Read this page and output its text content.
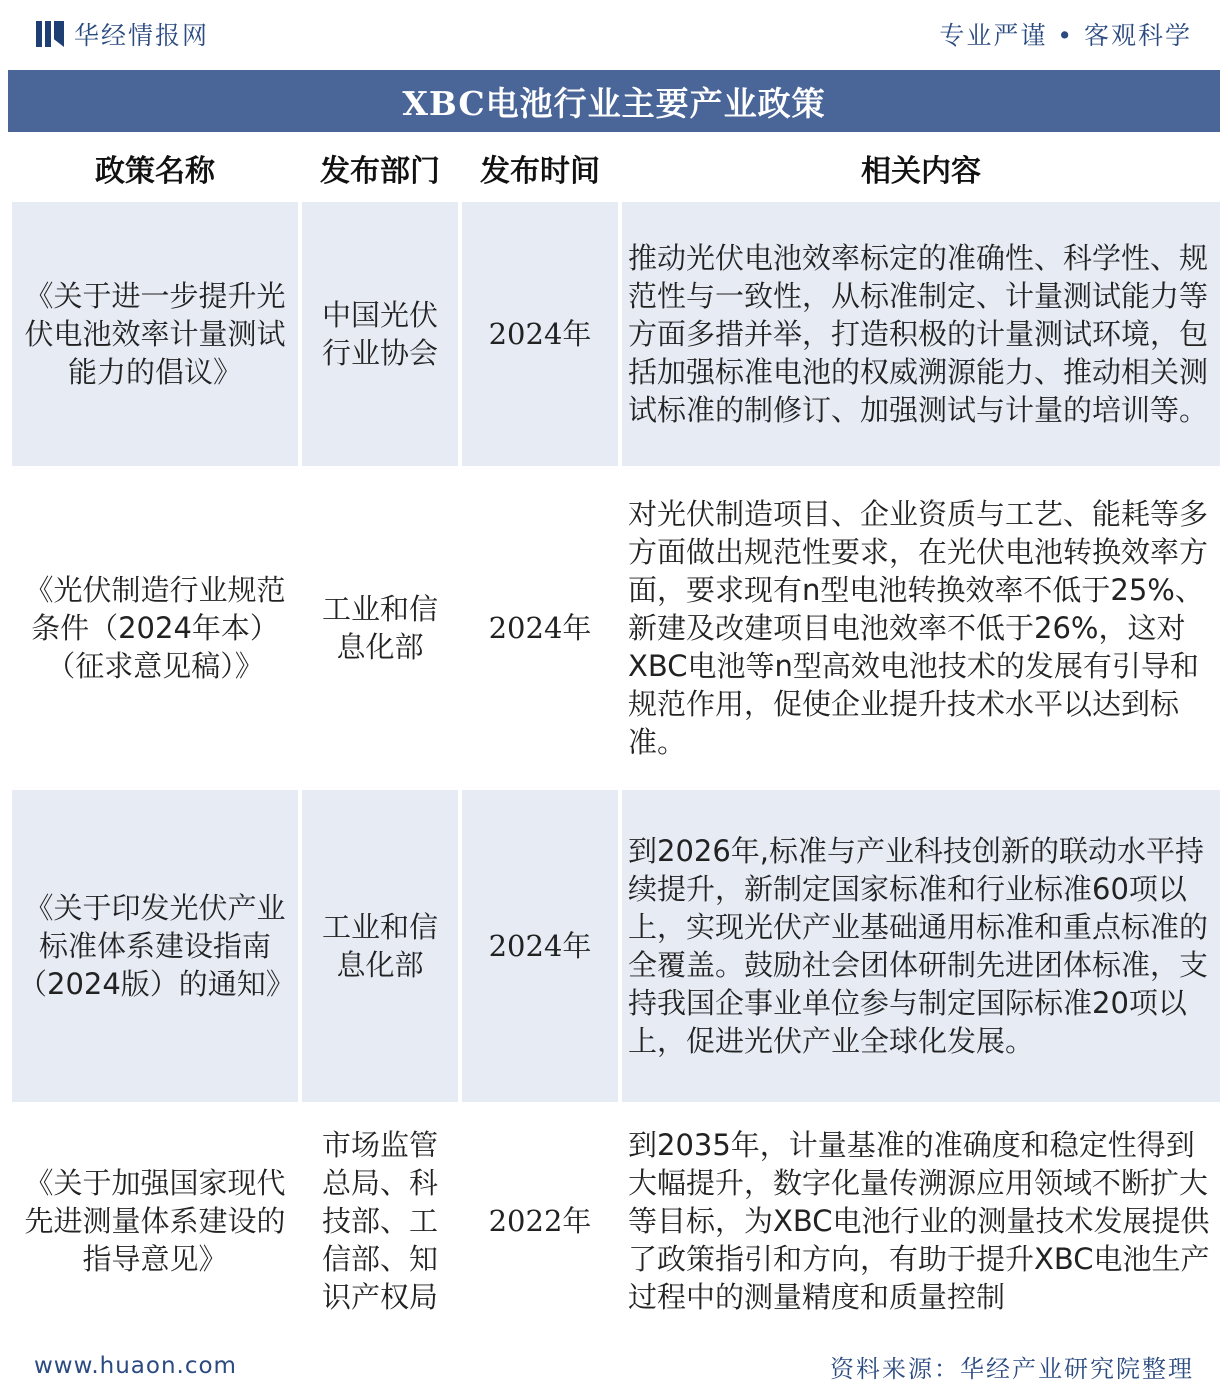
华经情报网	专业严谨 • 客观科学
XBC电池行业主要产业政策
政策名称	发布部门	发布时间	相关内容
《关于进一步提升光伏电池效率计量测试能力的倡议》	中国光伏行业协会	2024年	推动光伏电池效率标定的准确性、科学性、规范性与一致性，从标准制定、计量测试能力等方面多措并举，打造积极的计量测试环境，包括加强标准电池的权威溯源能力、推动相关测试标准的制修订、加强测试与计量的培训等。
《光伏制造行业规范条件（2024年本）（征求意见稿）》	工业和信息化部	2024年	对光伏制造项目、企业资质与工艺、能耗等多方面做出规范性要求，在光伏电池转换效率方面，要求现有n型电池转换效率不低于25%、新建及改建项目电池效率不低于26%，这对XBC电池等n型高效电池技术的发展有引导和规范作用，促使企业提升技术水平以达到标准。
《关于印发光伏产业标准体系建设指南（2024版）的通知》	工业和信息化部	2024年	到2026年,标准与产业科技创新的联动水平持续提升，新制定国家标准和行业标准60项以上，实现光伏产业基础通用标准和重点标准的全覆盖。鼓励社会团体研制先进团体标准，支持我国企事业单位参与制定国际标准20项以上，促进光伏产业全球化发展。
《关于加强国家现代先进测量体系建设的指导意见》	市场监管总局、科技部、工信部、知识产权局	2022年	到2035年，计量基准的准确度和稳定性得到大幅提升，数字化量传溯源应用领域不断扩大等目标，为XBC电池行业的测量技术发展提供了政策指引和方向，有助于提升XBC电池生产过程中的测量精度和质量控制
www.huaon.com	资料来源：华经产业研究院整理
